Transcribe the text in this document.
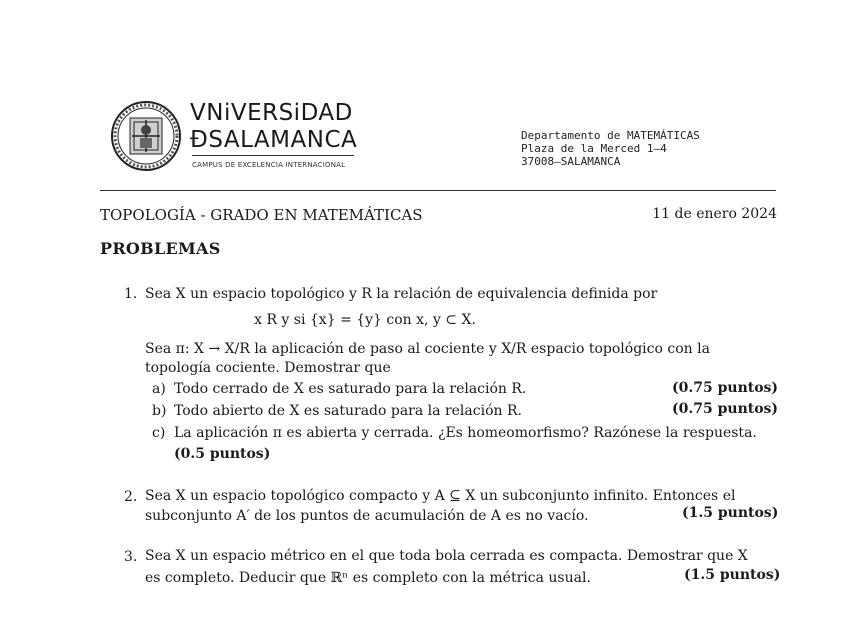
VNiVERSiDAD
ÐSALAMANCA
CAMPUS DE EXCELENCIA INTERNACIONAL
Departamento de MATEMÁTICAS
Plaza de la Merced 1–4
37008–SALAMANCA
TOPOLOGÍA - GRADO EN MATEMÁTICAS	11 de enero 2024
PROBLEMAS
1. Sea X un espacio topológico y R la relación de equivalencia definida por
x R y si {x} = {y} con x, y ⊂ X.
Sea π: X → X/R la aplicación de paso al cociente y X/R espacio topológico con la
topología cociente. Demostrar que
a) Todo cerrado de X es saturado para la relación R.	(0.75 puntos)
b) Todo abierto de X es saturado para la relación R.	(0.75 puntos)
c) La aplicación π es abierta y cerrada. ¿Es homeomorfismo? Razónese la respuesta.
(0.5 puntos)
2. Sea X un espacio topológico compacto y A ⊆ X un subconjunto infinito. Entonces el
subconjunto A′ de los puntos de acumulación de A es no vacío.	(1.5 puntos)
3. Sea X un espacio métrico en el que toda bola cerrada es compacta. Demostrar que X
es completo. Deducir que ℝⁿ es completo con la métrica usual.	(1.5 puntos)
